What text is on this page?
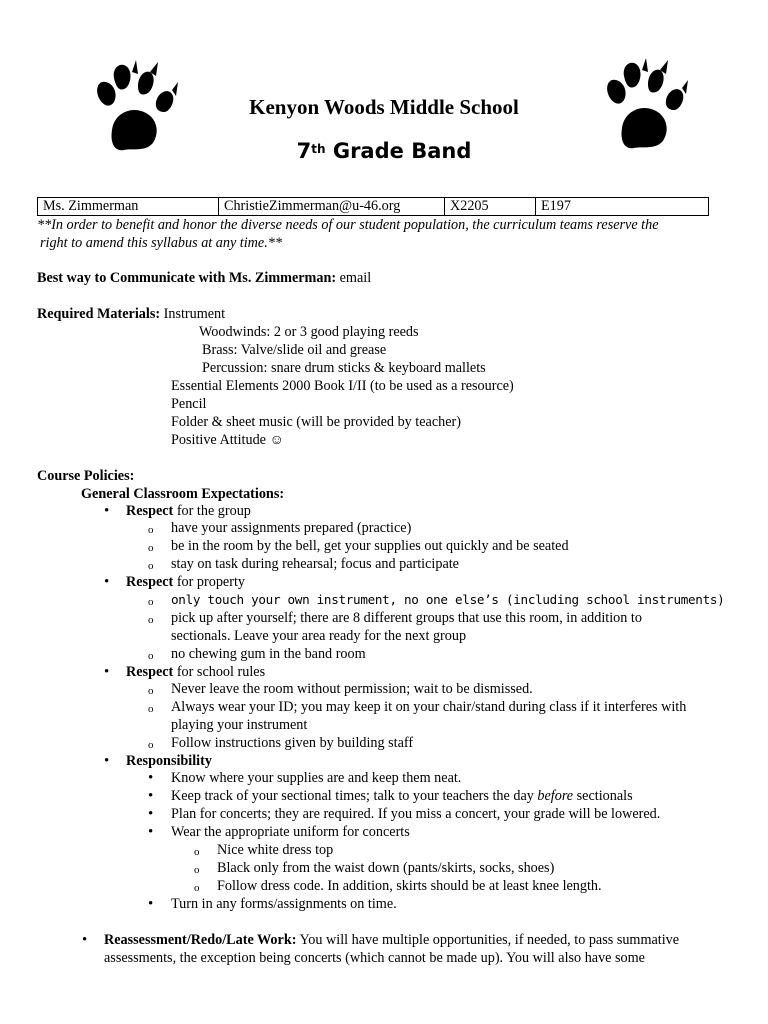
Kenyon Woods Middle School
7th Grade Band
Ms. Zimmerman	ChristieZimmerman@u-46.org	X2205	E197
**In order to benefit and honor the diverse needs of our student population, the curriculum teams reserve the
right to amend this syllabus at any time.**
Best way to Communicate with Ms. Zimmerman: email
Required Materials: Instrument
Woodwinds: 2 or 3 good playing reeds
Brass: Valve/slide oil and grease
Percussion: snare drum sticks & keyboard mallets
Essential Elements 2000 Book I/II (to be used as a resource)
Pencil
Folder & sheet music (will be provided by teacher)
Positive Attitude ☺
Course Policies:
General Classroom Expectations:
• Respect for the group
o have your assignments prepared (practice)
o be in the room by the bell, get your supplies out quickly and be seated
o stay on task during rehearsal; focus and participate
• Respect for property
o only touch your own instrument, no one else’s (including school instruments)
o pick up after yourself; there are 8 different groups that use this room, in addition to
sectionals. Leave your area ready for the next group
o no chewing gum in the band room
• Respect for school rules
o Never leave the room without permission; wait to be dismissed.
o Always wear your ID; you may keep it on your chair/stand during class if it interferes with
playing your instrument
o Follow instructions given by building staff
• Responsibility
• Know where your supplies are and keep them neat.
• Keep track of your sectional times; talk to your teachers the day before sectionals
• Plan for concerts; they are required. If you miss a concert, your grade will be lowered.
• Wear the appropriate uniform for concerts
o Nice white dress top
o Black only from the waist down (pants/skirts, socks, shoes)
o Follow dress code. In addition, skirts should be at least knee length.
• Turn in any forms/assignments on time.
• Reassessment/Redo/Late Work: You will have multiple opportunities, if needed, to pass summative
assessments, the exception being concerts (which cannot be made up). You will also have some
